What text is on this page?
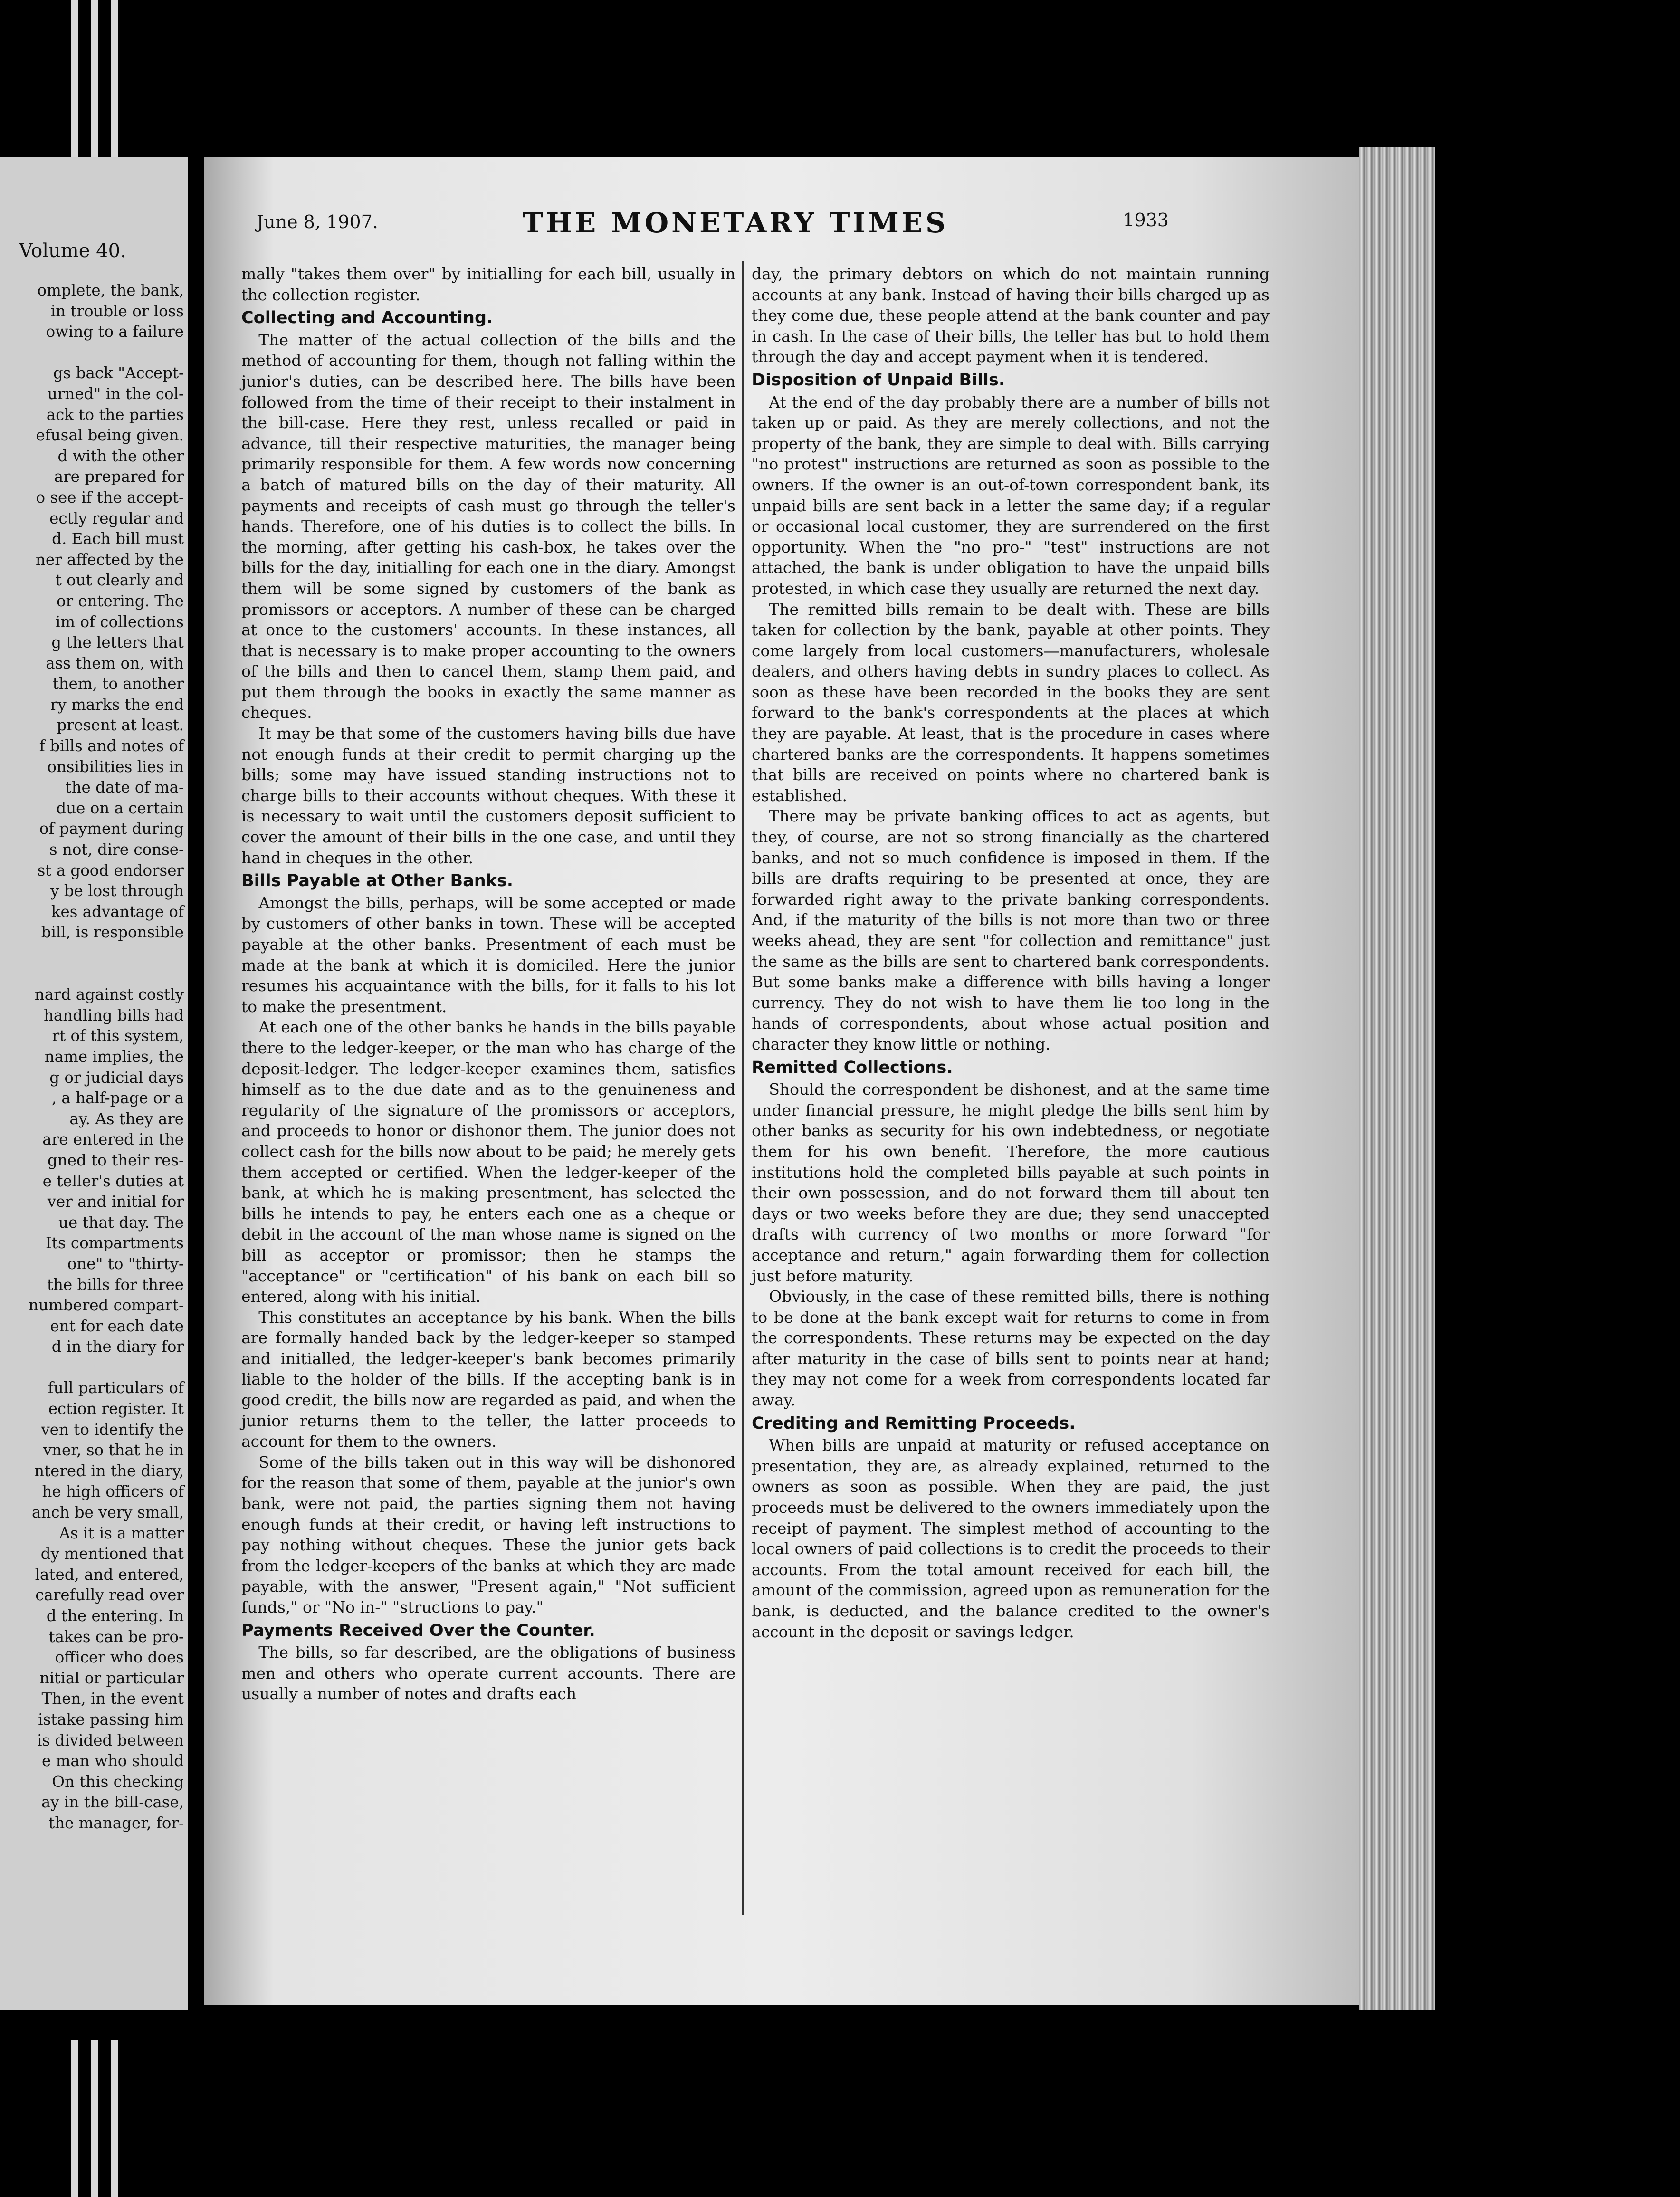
Volume 40.
omplete, the bank,
in trouble or loss
owing to a failure

gs back "Accept-
urned" in the col-
ack to the parties
efusal being given.
d with the other
are prepared for
o see if the accept-
ectly regular and
d. Each bill must
ner affected by the
t out clearly and
or entering. The
im of collections
g the letters that
ass them on, with
them, to another
ry marks the end
present at least.
f bills and notes of
onsibilities lies in
the date of ma-
due on a certain
of payment during
s not, dire conse-
st a good endorser
y be lost through
kes advantage of
bill, is responsible

nard against costly
handling bills had
rt of this system,
name implies, the
g or judicial days
, a half-page or a
ay. As they are
are entered in the
gned to their res-
e teller's duties at
ver and initial for
ue that day. The
Its compartments
one" to "thirty-
the bills for three
numbered compart-
ent for each date
d in the diary for

full particulars of
ection register. It
ven to identify the
vner, so that he in
ntered in the diary,
he high officers of
anch be very small,
As it is a matter
dy mentioned that
lated, and entered,
carefully read over
d the entering. In
takes can be pro-
officer who does
nitial or particular
Then, in the event
istake passing him
is divided between
e man who should
On this checking
ay in the bill-case,
the manager, for-
June 8, 1907.	THE MONETARY TIMES	1933

mally "takes them over" by initialling for each bill, usually in the collection register.

Collecting and Accounting.

The matter of the actual collection of the bills and the method of accounting for them, though not falling within the junior's duties, can be described here. The bills have been followed from the time of their receipt to their instalment in the bill-case. Here they rest, unless recalled or paid in advance, till their respective maturities, the manager being primarily responsible for them. A few words now concerning a batch of matured bills on the day of their maturity. All payments and receipts of cash must go through the teller's hands. Therefore, one of his duties is to collect the bills. In the morning, after getting his cash-box, he takes over the bills for the day, initialling for each one in the diary. Amongst them will be some signed by customers of the bank as promissors or acceptors. A number of these can be charged at once to the customers' accounts. In these instances, all that is necessary is to make proper accounting to the owners of the bills and then to cancel them, stamp them paid, and put them through the books in exactly the same manner as cheques.

It may be that some of the customers having bills due have not enough funds at their credit to permit charging up the bills; some may have issued standing instructions not to charge bills to their accounts without cheques. With these it is necessary to wait until the customers deposit sufficient to cover the amount of their bills in the one case, and until they hand in cheques in the other.

Bills Payable at Other Banks.

Amongst the bills, perhaps, will be some accepted or made by customers of other banks in town. These will be accepted payable at the other banks. Presentment of each must be made at the bank at which it is domiciled. Here the junior resumes his acquaintance with the bills, for it falls to his lot to make the presentment.

At each one of the other banks he hands in the bills payable there to the ledger-keeper, or the man who has charge of the deposit-ledger. The ledger-keeper examines them, satisfies himself as to the due date and as to the genuineness and regularity of the signature of the promissors or acceptors, and proceeds to honor or dishonor them. The junior does not collect cash for the bills now about to be paid; he merely gets them accepted or certified. When the ledger-keeper of the bank, at which he is making presentment, has selected the bills he intends to pay, he enters each one as a cheque or debit in the account of the man whose name is signed on the bill as acceptor or promissor; then he stamps the "acceptance" or "certification" of his bank on each bill so entered, along with his initial.

This constitutes an acceptance by his bank. When the bills are formally handed back by the ledger-keeper so stamped and initialled, the ledger-keeper's bank becomes primarily liable to the holder of the bills. If the accepting bank is in good credit, the bills now are regarded as paid, and when the junior returns them to the teller, the latter proceeds to account for them to the owners.

Some of the bills taken out in this way will be dishonored for the reason that some of them, payable at the junior's own bank, were not paid, the parties signing them not having enough funds at their credit, or having left instructions to pay nothing without cheques. These the junior gets back from the ledger-keepers of the banks at which they are made payable, with the answer, "Present again," "Not sufficient funds," or "No in-" "structions to pay."

Payments Received Over the Counter.

The bills, so far described, are the obligations of business men and others who operate current accounts. There are usually a number of notes and drafts each

day, the primary debtors on which do not maintain running accounts at any bank. Instead of having their bills charged up as they come due, these people attend at the bank counter and pay in cash. In the case of their bills, the teller has but to hold them through the day and accept payment when it is tendered.

Disposition of Unpaid Bills.

At the end of the day probably there are a number of bills not taken up or paid. As they are merely collections, and not the property of the bank, they are simple to deal with. Bills carrying "no protest" instructions are returned as soon as possible to the owners. If the owner is an out-of-town correspondent bank, its unpaid bills are sent back in a letter the same day; if a regular or occasional local customer, they are surrendered on the first opportunity. When the "no pro-" "test" instructions are not attached, the bank is under obligation to have the unpaid bills protested, in which case they usually are returned the next day.

The remitted bills remain to be dealt with. These are bills taken for collection by the bank, payable at other points. They come largely from local customers—manufacturers, wholesale dealers, and others having debts in sundry places to collect. As soon as these have been recorded in the books they are sent forward to the bank's correspondents at the places at which they are payable. At least, that is the procedure in cases where chartered banks are the correspondents. It happens sometimes that bills are received on points where no chartered bank is established.

There may be private banking offices to act as agents, but they, of course, are not so strong financially as the chartered banks, and not so much confidence is imposed in them. If the bills are drafts requiring to be presented at once, they are forwarded right away to the private banking correspondents. And, if the maturity of the bills is not more than two or three weeks ahead, they are sent "for collection and remittance" just the same as the bills are sent to chartered bank correspondents. But some banks make a difference with bills having a longer currency. They do not wish to have them lie too long in the hands of correspondents, about whose actual position and character they know little or nothing.

Remitted Collections.

Should the correspondent be dishonest, and at the same time under financial pressure, he might pledge the bills sent him by other banks as security for his own indebtedness, or negotiate them for his own benefit. Therefore, the more cautious institutions hold the completed bills payable at such points in their own possession, and do not forward them till about ten days or two weeks before they are due; they send unaccepted drafts with currency of two months or more forward "for acceptance and return," again forwarding them for collection just before maturity.

Obviously, in the case of these remitted bills, there is nothing to be done at the bank except wait for returns to come in from the correspondents. These returns may be expected on the day after maturity in the case of bills sent to points near at hand; they may not come for a week from correspondents located far away.

Crediting and Remitting Proceeds.

When bills are unpaid at maturity or refused acceptance on presentation, they are, as already explained, returned to the owners as soon as possible. When they are paid, the just proceeds must be delivered to the owners immediately upon the receipt of payment. The simplest method of accounting to the local owners of paid collections is to credit the proceeds to their accounts. From the total amount received for each bill, the amount of the commission, agreed upon as remuneration for the bank, is deducted, and the balance credited to the owner's account in the deposit or savings ledger.
